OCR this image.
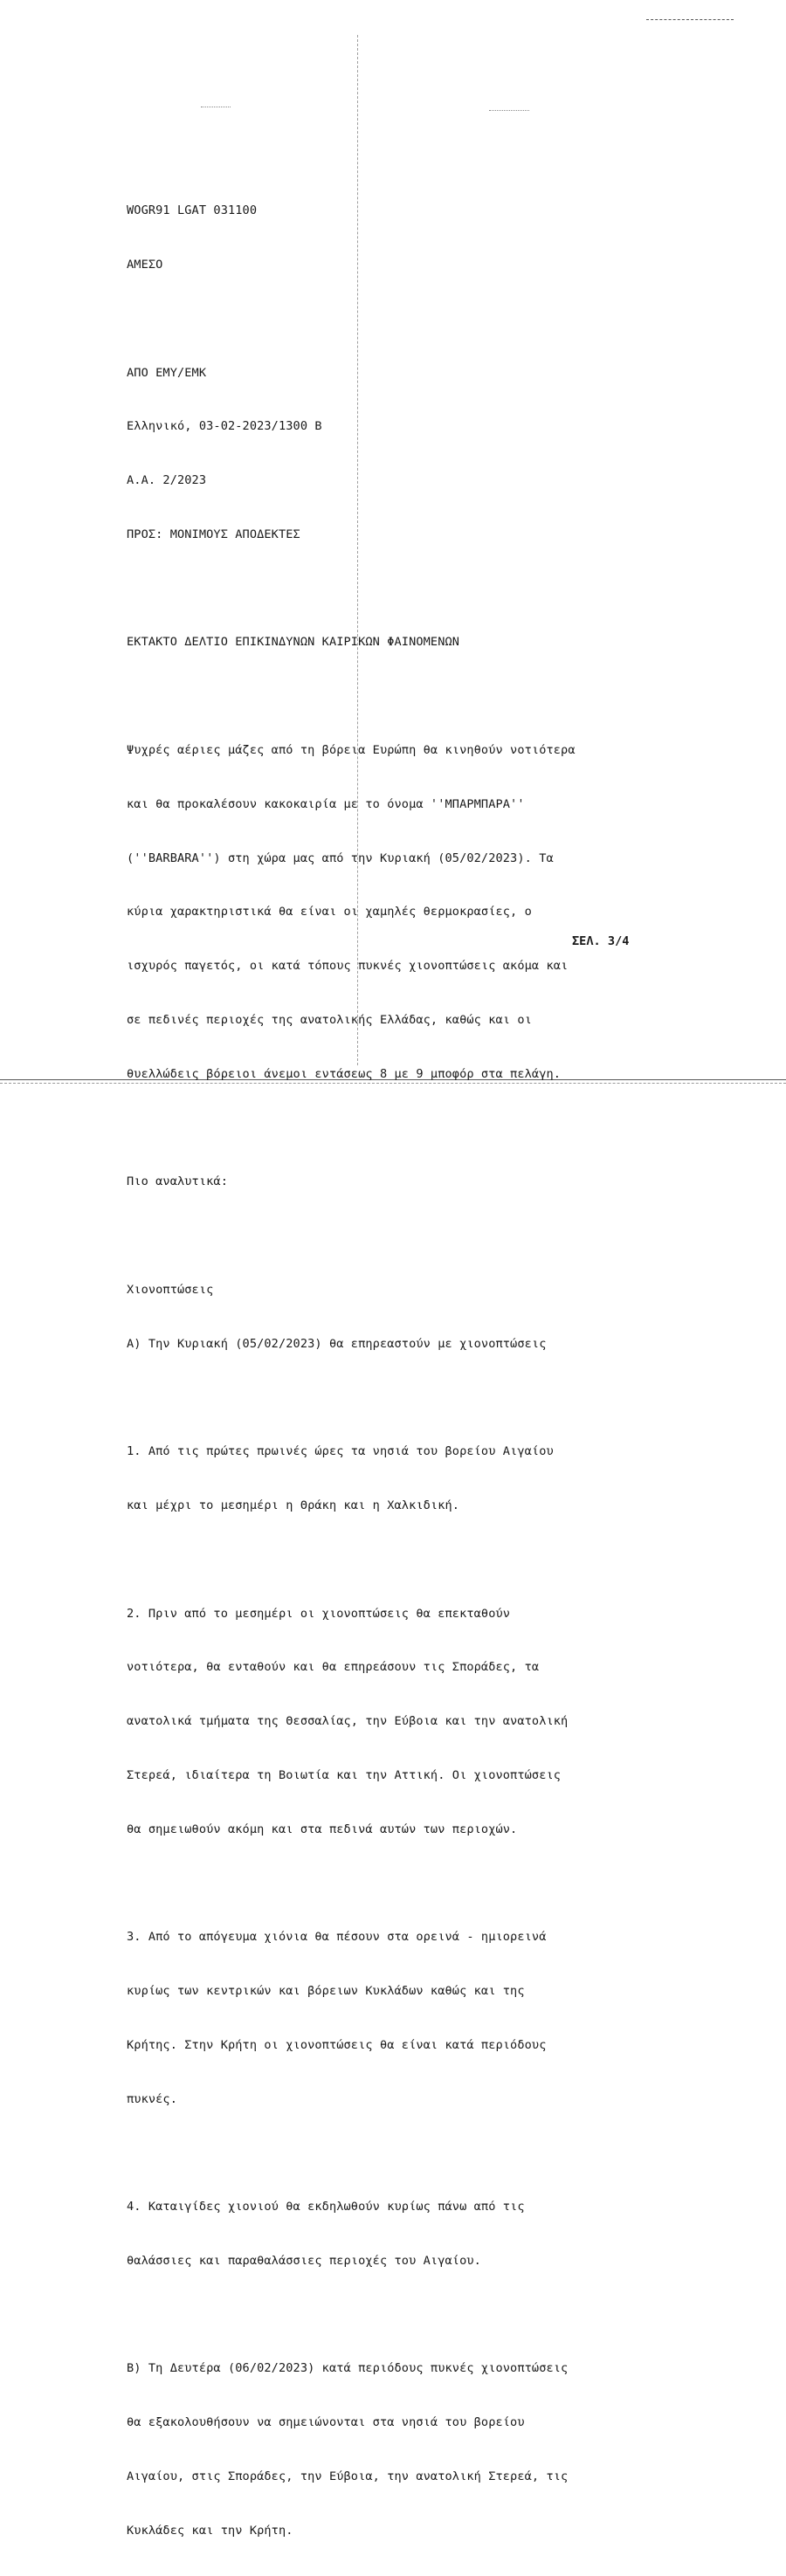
WOGR91 LGAT 031100

ΑΜΕΣΟ

ΑΠΟ ΕΜΥ/ΕΜΚ

Ελληνικό, 03-02-2023/1300 Β

Α.Α. 2/2023

ΠΡΟΣ: ΜΟΝΙΜΟΥΣ ΑΠΟΔΕΚΤΕΣ

ΕΚΤΑΚΤΟ ΔΕΛΤΙΟ ΕΠΙΚΙΝΔΥΝΩΝ ΚΑΙΡΙΚΩΝ ΦΑΙΝΟΜΕΝΩΝ

Ψυχρές αέριες μάζες από τη βόρεια Ευρώπη θα κινηθούν νοτιότερα

και θα προκαλέσουν κακοκαιρία με το όνομα ''ΜΠΑΡΜΠΑΡΑ''

(''BARBARA'') στη χώρα μας από την Κυριακή (05/02/2023). Τα

κύρια χαρακτηριστικά θα είναι οι χαμηλές θερμοκρασίες, ο

ισχυρός παγετός, οι κατά τόπους πυκνές χιονοπτώσεις ακόμα και

σε πεδινές περιοχές της ανατολικής Ελλάδας, καθώς και οι

θυελλώδεις βόρειοι άνεμοι εντάσεως 8 με 9 μποφόρ στα πελάγη.

Πιο αναλυτικά:

Χιονοπτώσεις

Α) Την Κυριακή (05/02/2023) θα επηρεαστούν με χιονοπτώσεις

1. Από τις πρώτες πρωινές ώρες τα νησιά του βορείου Αιγαίου

και μέχρι το μεσημέρι η Θράκη και η Χαλκιδική.

2. Πριν από το μεσημέρι οι χιονοπτώσεις θα επεκταθούν

νοτιότερα, θα ενταθούν και θα επηρεάσουν τις Σποράδες, τα

ανατολικά τμήματα της Θεσσαλίας, την Εύβοια και την ανατολική

Στερεά, ιδιαίτερα τη Βοιωτία και την Αττική. Οι χιονοπτώσεις

θα σημειωθούν ακόμη και στα πεδινά αυτών των περιοχών.

3. Από το απόγευμα χιόνια θα πέσουν στα ορεινά - ημιορεινά

κυρίως των κεντρικών και βόρειων Κυκλάδων καθώς και της

Κρήτης. Στην Κρήτη οι χιονοπτώσεις θα είναι κατά περιόδους

πυκνές.

4. Καταιγίδες χιονιού θα εκδηλωθούν κυρίως πάνω από τις

θαλάσσιες και παραθαλάσσιες περιοχές του Αιγαίου.

Β) Τη Δευτέρα (06/02/2023) κατά περιόδους πυκνές χιονοπτώσεις

θα εξακολουθήσουν να σημειώνονται στα νησιά του βορείου

Αιγαίου, στις Σποράδες, την Εύβοια, την ανατολική Στερεά, τις

Κυκλάδες και την Κρήτη.

ΣΕΛ. 3/4
